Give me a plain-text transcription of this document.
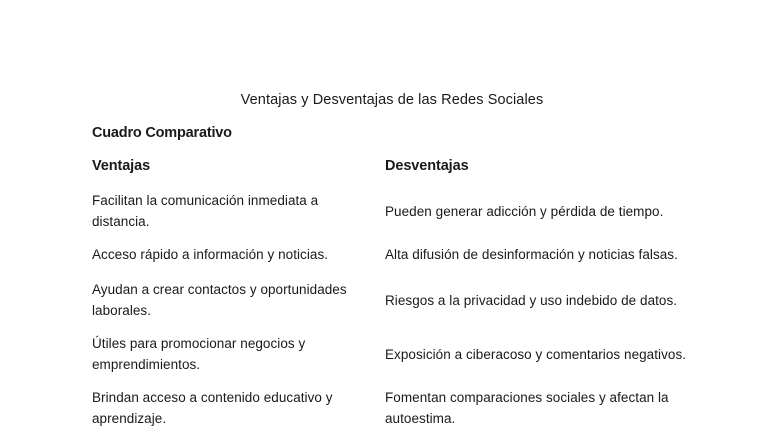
Ventajas y Desventajas de las Redes Sociales
Cuadro Comparativo
Ventajas	Desventajas
Facilitan la comunicación inmediata a distancia.
Pueden generar adicción y pérdida de tiempo.
Acceso rápido a información y noticias.	Alta difusión de desinformación y noticias falsas.
Ayudan a crear contactos y oportunidades laborales.
Riesgos a la privacidad y uso indebido de datos.
Útiles para promocionar negocios y emprendimientos.
Exposición a ciberacoso y comentarios negativos.
Brindan acceso a contenido educativo y aprendizaje.
Fomentan comparaciones sociales y afectan la autoestima.
